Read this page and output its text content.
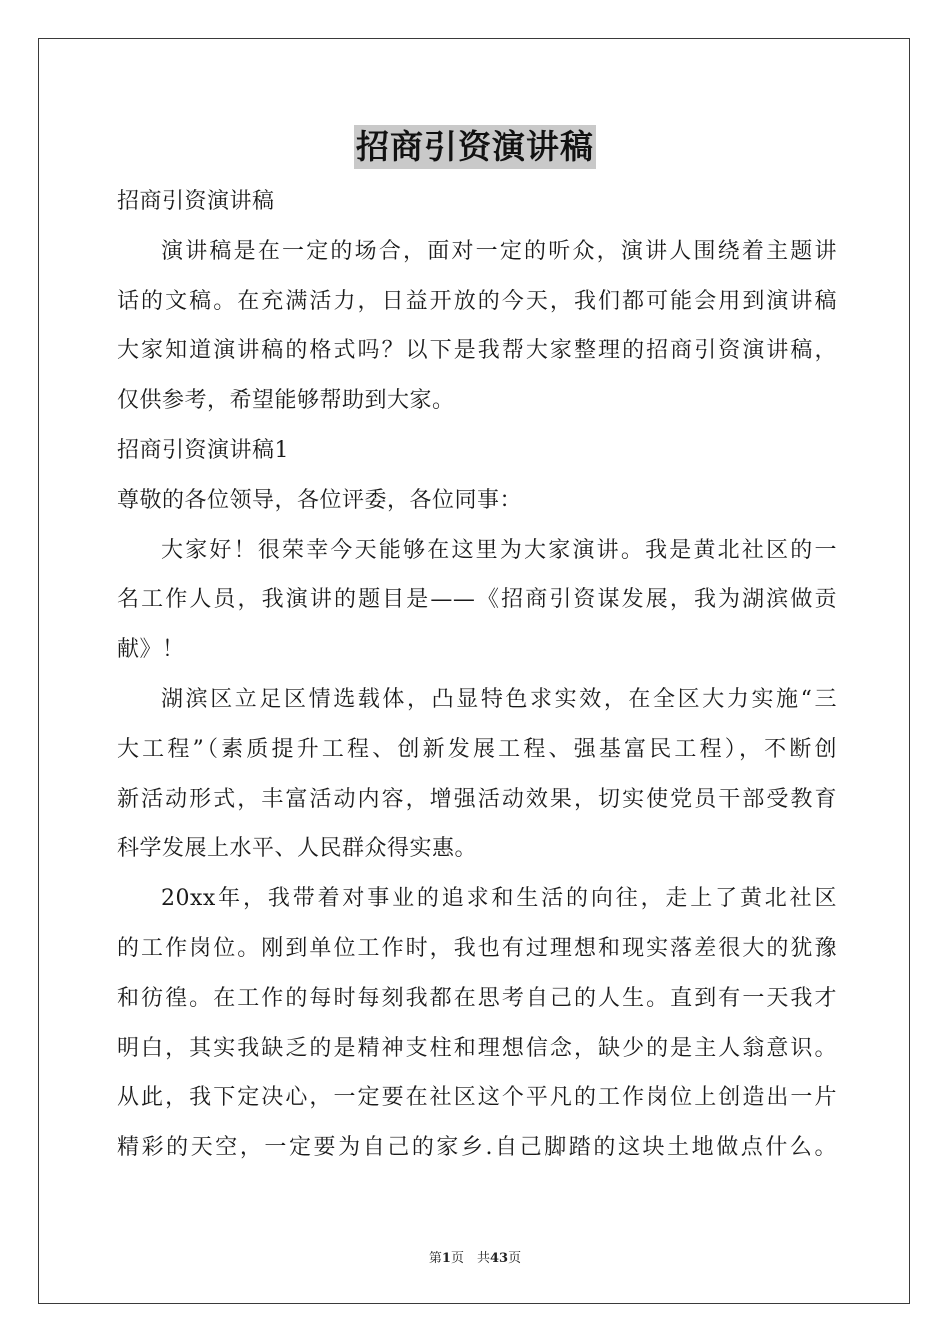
招商引资演讲稿
招商引资演讲稿
演讲稿是在一定的场合，面对一定的听众，演讲人围绕着主题讲
话的文稿。在充满活力，日益开放的今天，我们都可能会用到演讲稿
大家知道演讲稿的格式吗？以下是我帮大家整理的招商引资演讲稿，
仅供参考，希望能够帮助到大家。
招商引资演讲稿1
尊敬的各位领导，各位评委，各位同事：
大家好！很荣幸今天能够在这里为大家演讲。我是黄北社区的一
名工作人员，我演讲的题目是——《招商引资谋发展，我为湖滨做贡
献》！
湖滨区立足区情选载体，凸显特色求实效，在全区大力实施“三
大工程”（素质提升工程、创新发展工程、强基富民工程），不断创
新活动形式，丰富活动内容，增强活动效果，切实使党员干部受教育
科学发展上水平、人民群众得实惠。
20xx年，我带着对事业的追求和生活的向往，走上了黄北社区
的工作岗位。刚到单位工作时，我也有过理想和现实落差很大的犹豫
和彷徨。在工作的每时每刻我都在思考自己的人生。直到有一天我才
明白，其实我缺乏的是精神支柱和理想信念，缺少的是主人翁意识。
从此，我下定决心，一定要在社区这个平凡的工作岗位上创造出一片
精彩的天空，一定要为自己的家乡.自己脚踏的这块土地做点什么。
第1页　共43页
